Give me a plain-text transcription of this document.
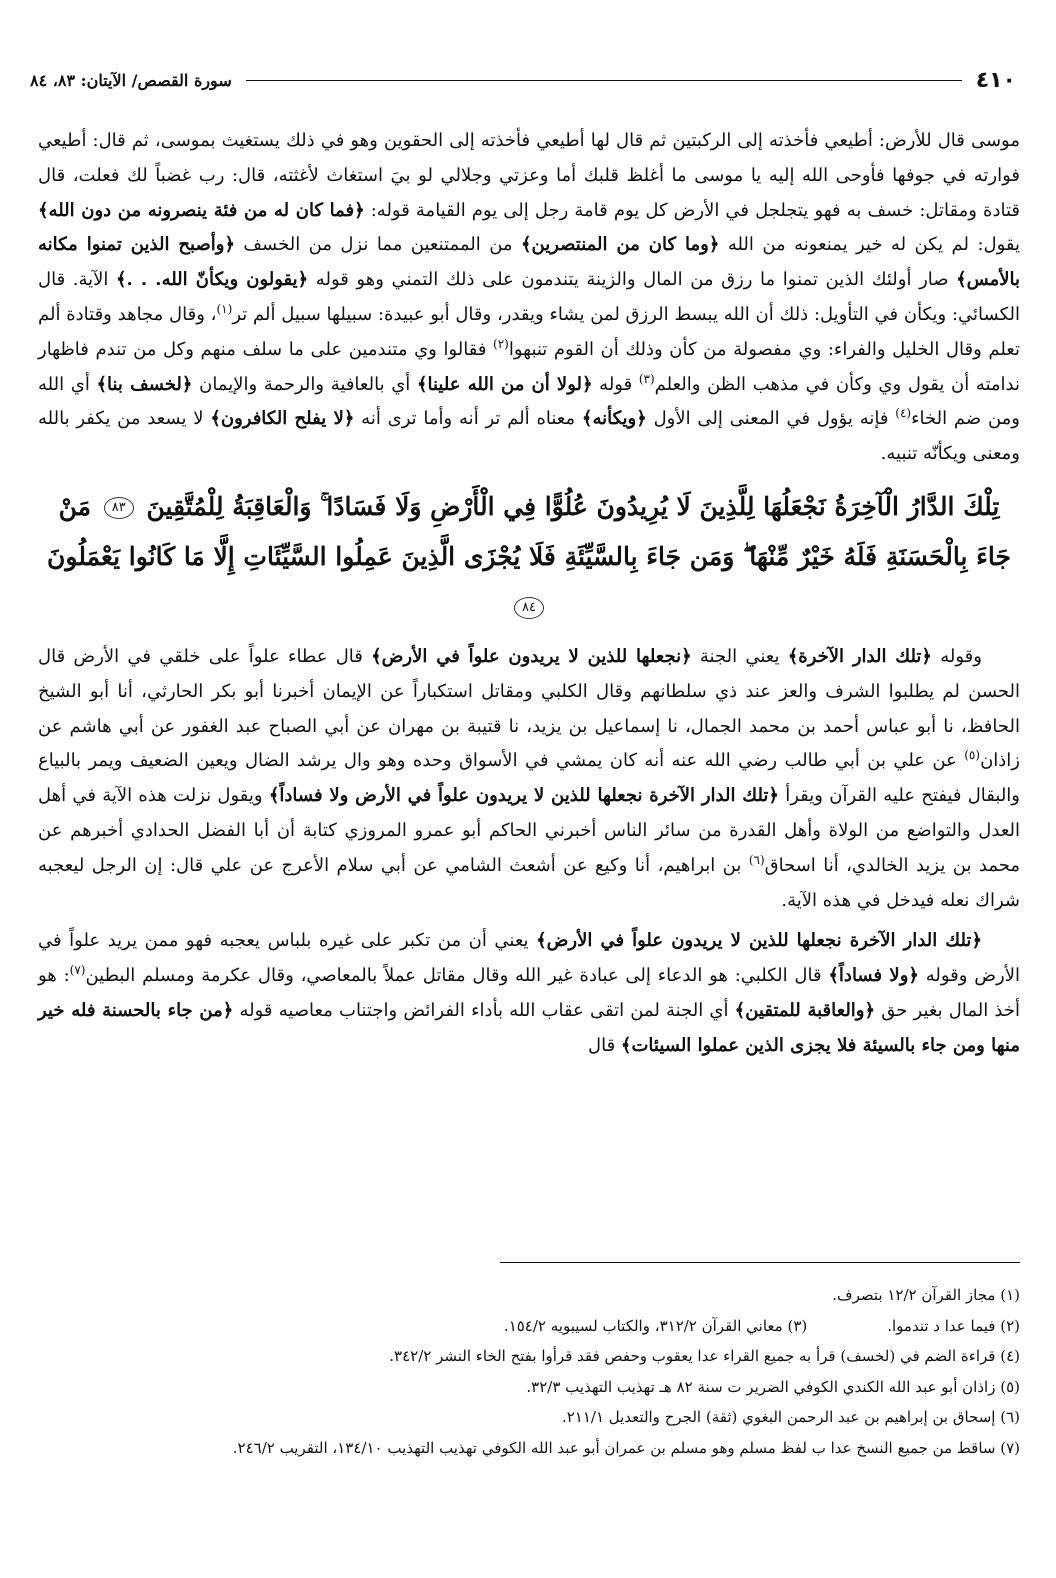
٤١٠
سورة القصص/ الآيتان: ٨٣، ٨٤

موسى قال للأرض: أطيعي فأخذته إلى الركبتين ثم قال لها أطيعي فأخذته إلى الحقوين وهو في ذلك يستغيث بموسى، ثم قال: أطيعي فوارته في جوفها فأوحى الله إليه يا موسى ما أغلظ قلبك أما وعزتي وجلالي لو بيَ استغاث لأغثته، قال: رب غضباً لك فعلت، قال قتادة ومقاتل: خسف به فهو يتجلجل في الأرض كل يوم قامة رجل إلى يوم القيامة قوله: ﴿فما كان له من فئة ينصرونه من دون الله﴾ يقول: لم يكن له خير يمنعونه من الله ﴿وما كان من المنتصرين﴾ من الممتنعين مما نزل من الخسف ﴿وأصبح الذين تمنوا مكانه بالأمس﴾ صار أولئك الذين تمنوا ما رزق من المال والزينة يتندمون على ذلك التمني وهو قوله ﴿يقولون ويكأنّ الله. . .﴾ الآية. قال الكسائي: ويكأن في التأويل: ذلك أن الله يبسط الرزق لمن يشاء ويقدر، وقال أبو عبيدة: سبيلها سبيل ألم تر$^{(١)}$، وقال مجاهد وقتادة ألم تعلم وقال الخليل والفراء: وي مفصولة من كأن وذلك أن القوم تنبهوا$^{(٢)}$ فقالوا وي متندمين على ما سلف منهم وكل من تندم فاظهار ندامته أن يقول وي وكأن في مذهب الظن والعلم$^{(٣)}$ قوله ﴿لولا أن من الله علينا﴾ أي بالعافية والرحمة والإيمان ﴿لخسف بنا﴾ أي الله ومن ضم الخاء$^{(٤)}$ فإنه يؤول في المعنى إلى الأول ﴿ويكأنه﴾ معناه ألم تر أنه وأما ترى أنه ﴿لا يفلح الكافرون﴾ لا يسعد من يكفر بالله ومعنى ويكأنّه تنبيه.

تِلْكَ الدَّارُ الْآخِرَةُ نَجْعَلُهَا لِلَّذِينَ لَا يُرِيدُونَ عُلُوًّا فِي الْأَرْضِ وَلَا فَسَادًا ۚ وَالْعَاقِبَةُ لِلْمُتَّقِينَ ٨٣ مَنْ جَاءَ بِالْحَسَنَةِ فَلَهُ خَيْرٌ مِّنْهَا ۖ وَمَن جَاءَ بِالسَّيِّئَةِ فَلَا يُجْزَى الَّذِينَ عَمِلُوا السَّيِّئَاتِ إِلَّا مَا كَانُوا يَعْمَلُونَ ٨٤

وقوله ﴿تلك الدار الآخرة﴾ يعني الجنة ﴿نجعلها للذين لا يريدون علواً في الأرض﴾ قال عطاء علواً على خلقي في الأرض قال الحسن لم يطلبوا الشرف والعز عند ذي سلطانهم وقال الكلبي ومقاتل استكباراً عن الإيمان أخبرنا أبو بكر الحارثي، أنا أبو الشيخ الحافظ، نا أبو عباس أحمد بن محمد الجمال، نا إسماعيل بن يزيد، نا قتيبة بن مهران عن أبي الصباح عبد الغفور عن أبي هاشم عن زاذان$^{(٥)}$ عن علي بن أبي طالب رضي الله عنه أنه كان يمشي في الأسواق وحده وهو وال يرشد الضال ويعين الضعيف ويمر بالبياع والبقال فيفتح عليه القرآن ويقرأ ﴿تلك الدار الآخرة نجعلها للذين لا يريدون علواً في الأرض ولا فساداً﴾ ويقول نزلت هذه الآية في أهل العدل والتواضع من الولاة وأهل القدرة من سائر الناس أخبرني الحاكم أبو عمرو المروزي كتابة أن أبا الفضل الحدادي أخبرهم عن محمد بن يزيد الخالدي، أنا اسحاق$^{(٦)}$ بن ابراهيم، أنا وكيع عن أشعث الشامي عن أبي سلام الأعرج عن علي قال: إن الرجل ليعجبه شراك نعله فيدخل في هذه الآية.

﴿تلك الدار الآخرة نجعلها للذين لا يريدون علواً في الأرض﴾ يعني أن من تكبر على غيره بلباس يعجبه فهو ممن يريد علواً في الأرض وقوله ﴿ولا فساداً﴾ قال الكلبي: هو الدعاء إلى عبادة غير الله وقال مقاتل عملاً بالمعاصي، وقال عكرمة ومسلم البطين$^{(٧)}$: هو أخذ المال بغير حق ﴿والعاقبة للمتقين﴾ أي الجنة لمن اتقى عقاب الله بأداء الفرائض واجتناب معاصيه قوله ﴿من جاء بالحسنة فله خير منها ومن جاء بالسيئة فلا يجزى الذين عملوا السيئات﴾ قال

(١) مجاز القرآن ١٢/٢ بتصرف.

(٢) فيما عدا د تندموا.

(٣) معاني القرآن ٣١٢/٢، والكتاب لسيبويه ١٥٤/٢.

(٤) قراءة الضم في (لخسف) قرأ به جميع القراء عدا يعقوب وحفص فقد قرأوا بفتح الخاء النشر ٣٤٢/٢.

(٥) زاذان أبو عبد الله الكندي الكوفي الضرير ت سنة ٨٢ هـ تهذيب التهذيب ٣٢/٣.

(٦) إسحاق بن إبراهيم بن عبد الرحمن البغوي (ثقة) الجرح والتعديل ٢١١/١.

(٧) ساقط من جميع النسخ عدا ب لفظ مسلم وهو مسلم بن عمران أبو عبد الله الكوفي تهذيب التهذيب ١٣٤/١٠، التقريب ٢٤٦/٢.
